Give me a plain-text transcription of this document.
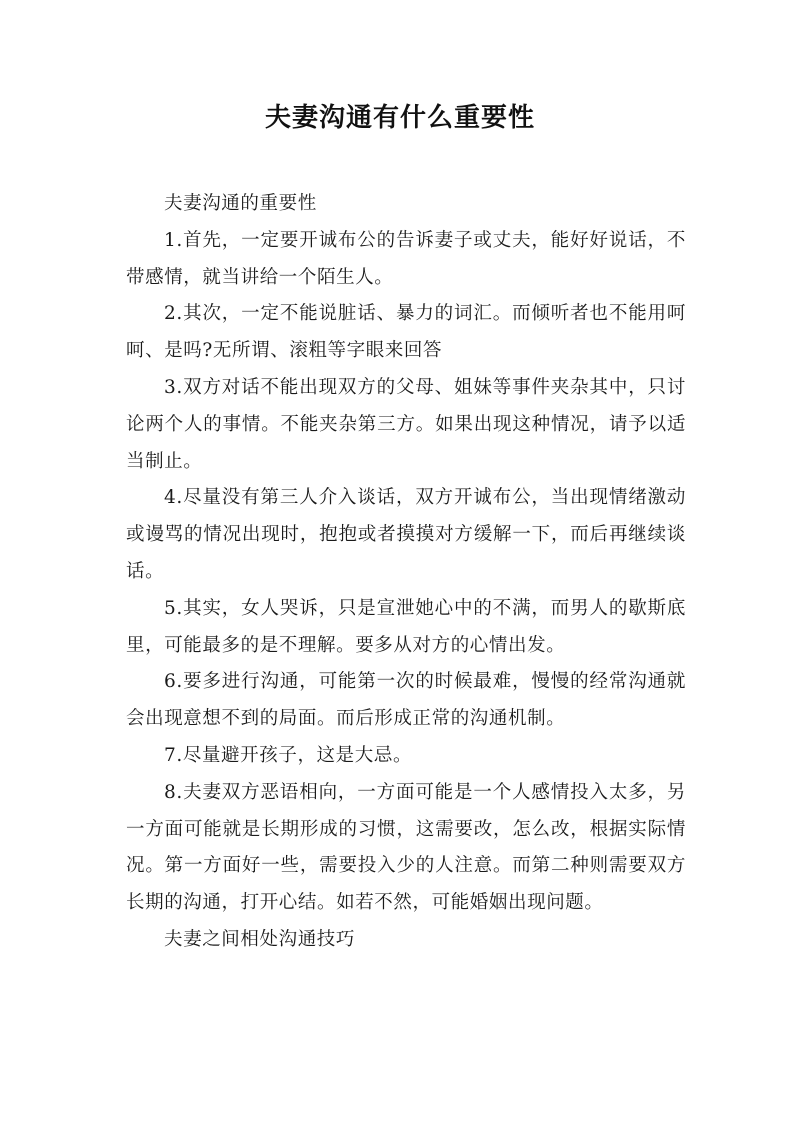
夫妻沟通有什么重要性

夫妻沟通的重要性

1.首先，一定要开诚布公的告诉妻子或丈夫，能好好说话，不带感情，就当讲给一个陌生人。

2.其次，一定不能说脏话、暴力的词汇。而倾听者也不能用呵呵、是吗?无所谓、滚粗等字眼来回答

3.双方对话不能出现双方的父母、姐妹等事件夹杂其中，只讨论两个人的事情。不能夹杂第三方。如果出现这种情况，请予以适当制止。

4.尽量没有第三人介入谈话，双方开诚布公，当出现情绪激动或谩骂的情况出现时，抱抱或者摸摸对方缓解一下，而后再继续谈话。

5.其实，女人哭诉，只是宣泄她心中的不满，而男人的歇斯底里，可能最多的是不理解。要多从对方的心情出发。

6.要多进行沟通，可能第一次的时候最难，慢慢的经常沟通就会出现意想不到的局面。而后形成正常的沟通机制。

7.尽量避开孩子，这是大忌。

8.夫妻双方恶语相向，一方面可能是一个人感情投入太多，另一方面可能就是长期形成的习惯，这需要改，怎么改，根据实际情况。第一方面好一些，需要投入少的人注意。而第二种则需要双方长期的沟通，打开心结。如若不然，可能婚姻出现问题。

夫妻之间相处沟通技巧
